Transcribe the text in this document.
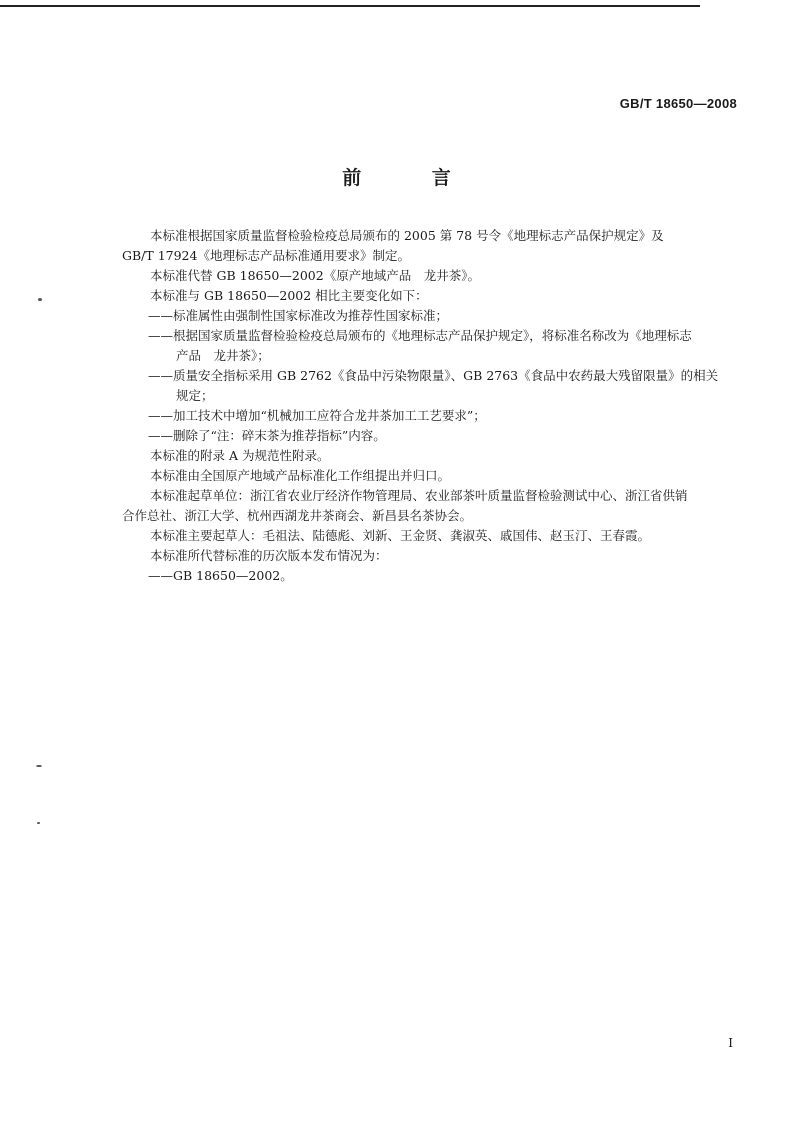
GB/T 18650—2008
前 言
本标准根据国家质量监督检验检疫总局颁布的 2005 第 78 号令《地理标志产品保护规定》及
GB/T 17924《地理标志产品标准通用要求》制定。
本标准代替 GB 18650—2002《原产地域产品　龙井茶》。
本标准与 GB 18650—2002 相比主要变化如下：
——标准属性由强制性国家标准改为推荐性国家标准；
——根据国家质量监督检验检疫总局颁布的《地理标志产品保护规定》，将标准名称改为《地理标志
产品　龙井茶》；
——质量安全指标采用 GB 2762《食品中污染物限量》、GB 2763《食品中农药最大残留限量》的相关
规定；
——加工技术中增加“机械加工应符合龙井茶加工工艺要求”；
——删除了“注：碎末茶为推荐指标”内容。
本标准的附录 A 为规范性附录。
本标准由全国原产地域产品标准化工作组提出并归口。
本标准起草单位：浙江省农业厅经济作物管理局、农业部茶叶质量监督检验测试中心、浙江省供销
合作总社、浙江大学、杭州西湖龙井茶商会、新昌县名茶协会。
本标准主要起草人：毛祖法、陆德彪、刘新、王金贤、龚淑英、戚国伟、赵玉汀、王春霞。
本标准所代替标准的历次版本发布情况为：
——GB 18650—2002。
I
